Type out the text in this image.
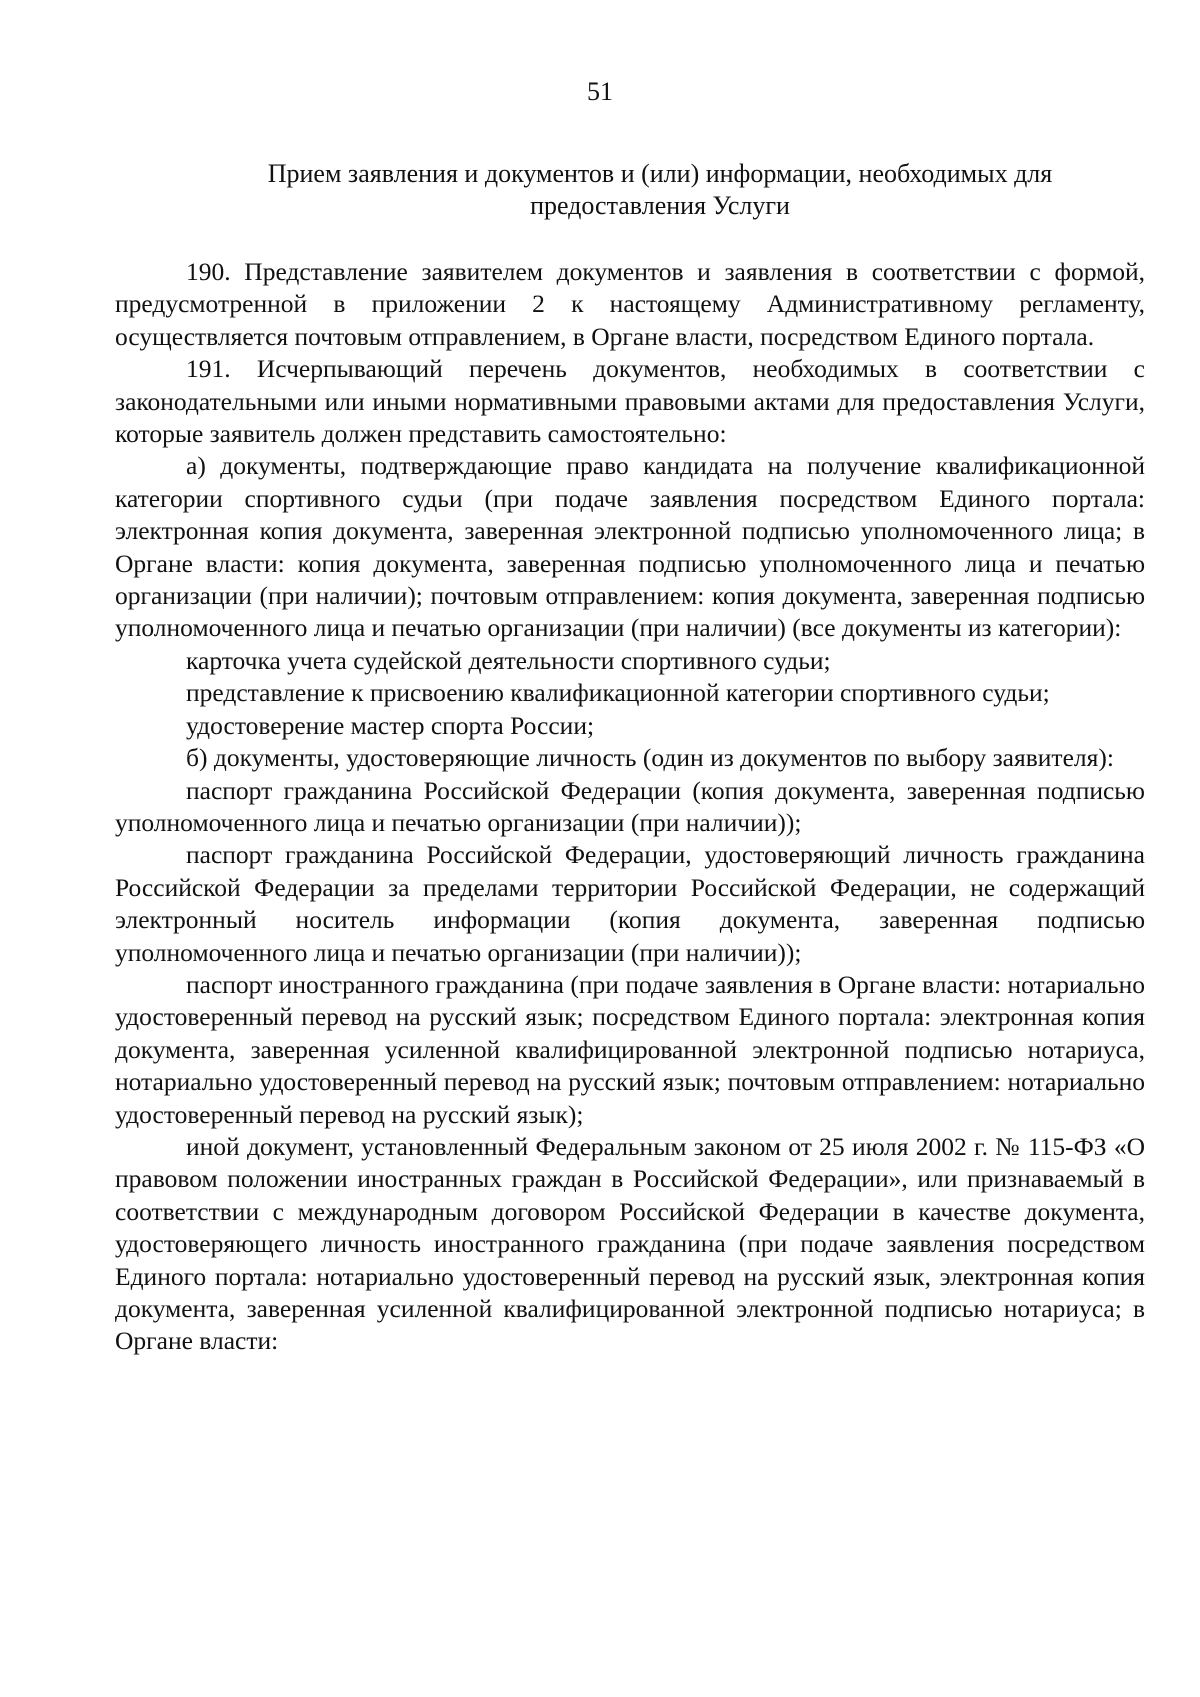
51
Прием заявления и документов и (или) информации, необходимых для
предоставления Услуги

190. Представление заявителем документов и заявления в соответствии с формой, предусмотренной в приложении 2 к настоящему Административному регламенту, осуществляется почтовым отправлением, в Органе власти, посредством Единого портала.

191. Исчерпывающий перечень документов, необходимых в соответствии с законодательными или иными нормативными правовыми актами для предоставления Услуги, которые заявитель должен представить самостоятельно:

а) документы, подтверждающие право кандидата на получение квалификационной категории спортивного судьи (при подаче заявления посредством Единого портала: электронная копия документа, заверенная электронной подписью уполномоченного лица; в Органе власти: копия документа, заверенная подписью уполномоченного лица и печатью организации (при наличии); почтовым отправлением: копия документа, заверенная подписью уполномоченного лица и печатью организации (при наличии) (все документы из категории):

карточка учета судейской деятельности спортивного судьи;

представление к присвоению квалификационной категории спортивного судьи;

удостоверение мастер спорта России;

б) документы, удостоверяющие личность (один из документов по выбору заявителя):

паспорт гражданина Российской Федерации (копия документа, заверенная подписью уполномоченного лица и печатью организации (при наличии));

паспорт гражданина Российской Федерации, удостоверяющий личность гражданина Российской Федерации за пределами территории Российской Федерации, не содержащий электронный носитель информации (копия документа, заверенная подписью уполномоченного лица и печатью организации (при наличии));

паспорт иностранного гражданина (при подаче заявления в Органе власти: нотариально удостоверенный перевод на русский язык; посредством Единого портала: электронная копия документа, заверенная усиленной квалифицированной электронной подписью нотариуса, нотариально удостоверенный перевод на русский язык; почтовым отправлением: нотариально удостоверенный перевод на русский язык);

иной документ, установленный Федеральным законом от 25 июля 2002 г. № 115-ФЗ «О правовом положении иностранных граждан в Российской Федерации», или признаваемый в соответствии с международным договором Российской Федерации в качестве документа, удостоверяющего личность иностранного гражданина (при подаче заявления посредством Единого портала: нотариально удостоверенный перевод на русский язык, электронная копия документа, заверенная усиленной квалифицированной электронной подписью нотариуса; в Органе власти:
